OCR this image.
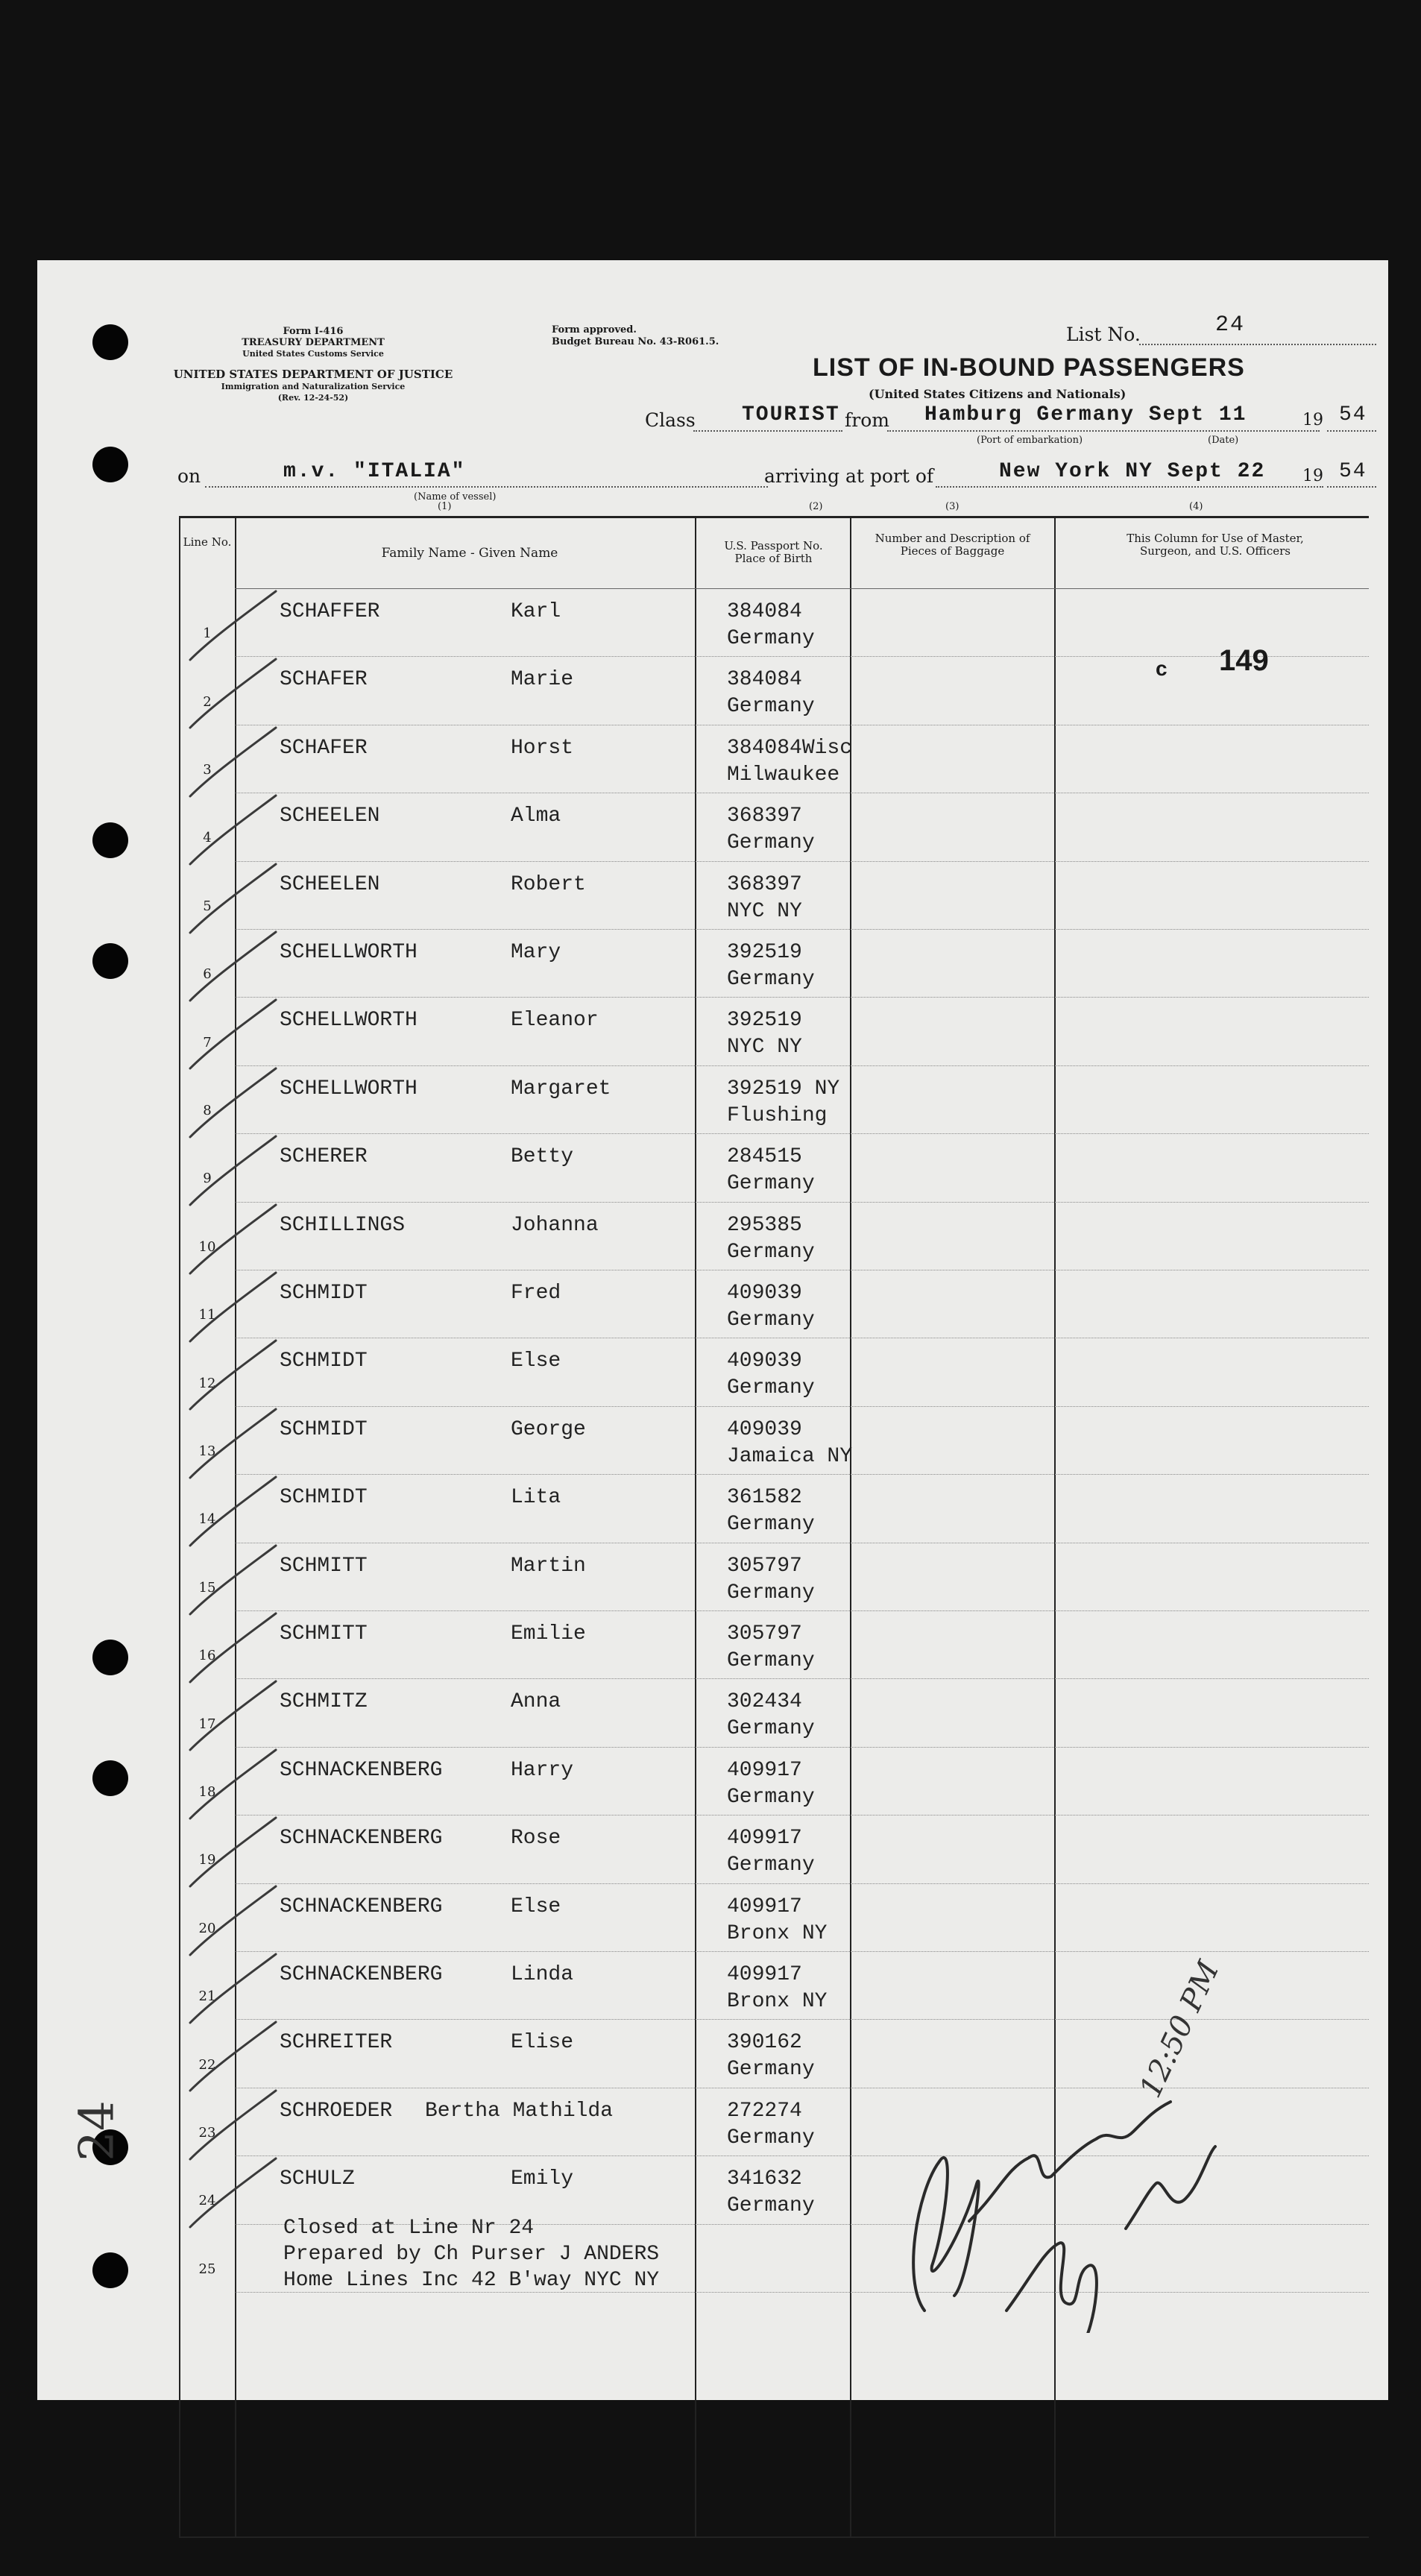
Form I-416
TREASURY DEPARTMENT
United States Customs Service
UNITED STATES DEPARTMENT OF JUSTICE
Immigration and Naturalization Service
(Rev. 12-24-52)
Form approved.
Budget Bureau No. 43-R061.5.	List No.	24
LIST OF IN-BOUND PASSENGERS
(United States Citizens and Nationals)
Class TOURIST from Hamburg Germany Sept 11	19 54
(Port of embarkation)	(Date)
on	m.v. "ITALIA"
(Name of vessel)
(1)
arriving at port of	New York NY Sept 22 19 54
(2)	(3)	(4)
Line No.
Family Name - Given Name	U.S. Passport No. Place of Birth
Number and Description of Pieces of Baggage
This Column for Use of Master, Surgeon, and U.S. Officers
1
SCHAFFER	Karl	384084
Germany
2
SCHAFER	Marie	384084
Germany
3
SCHAFER	Horst	384084Wisc
Milwaukee
4
SCHEELEN	Alma	368397
Germany
5
SCHEELEN	Robert	368397
NYC NY
6
SCHELLWORTH	Mary	392519
Germany
7
SCHELLWORTH	Eleanor	392519
NYC NY
8
SCHELLWORTH	Margaret	392519 NY
Flushing
9
SCHERER	Betty	284515
Germany
10
SCHILLINGS	Johanna	295385
Germany
11
SCHMIDT	Fred	409039
Germany
12
SCHMIDT	Else	409039
Germany
13
SCHMIDT	George	409039
Jamaica NY
14
SCHMIDT	Lita	361582
Germany
15
SCHMITT	Martin	305797
Germany
16
SCHMITT	Emilie	305797
Germany
17
SCHMITZ	Anna	302434
Germany
18
SCHNACKENBERG	Harry	409917
Germany
19
SCHNACKENBERG	Rose	409917
Germany
20
SCHNACKENBERG	Else	409917
Bronx NY
21
SCHNACKENBERG	Linda	409917
Bronx NY
22
SCHREITER	Elise	390162
Germany
23
SCHROEDER Bertha Mathilda	272274
Germany
24
SCHULZ	Emily	341632
Germany
25
c 149
Closed at Line Nr 24
Prepared by Ch Purser J ANDERS
Home Lines Inc 42 B'way NYC NY
24
12:50 PM
